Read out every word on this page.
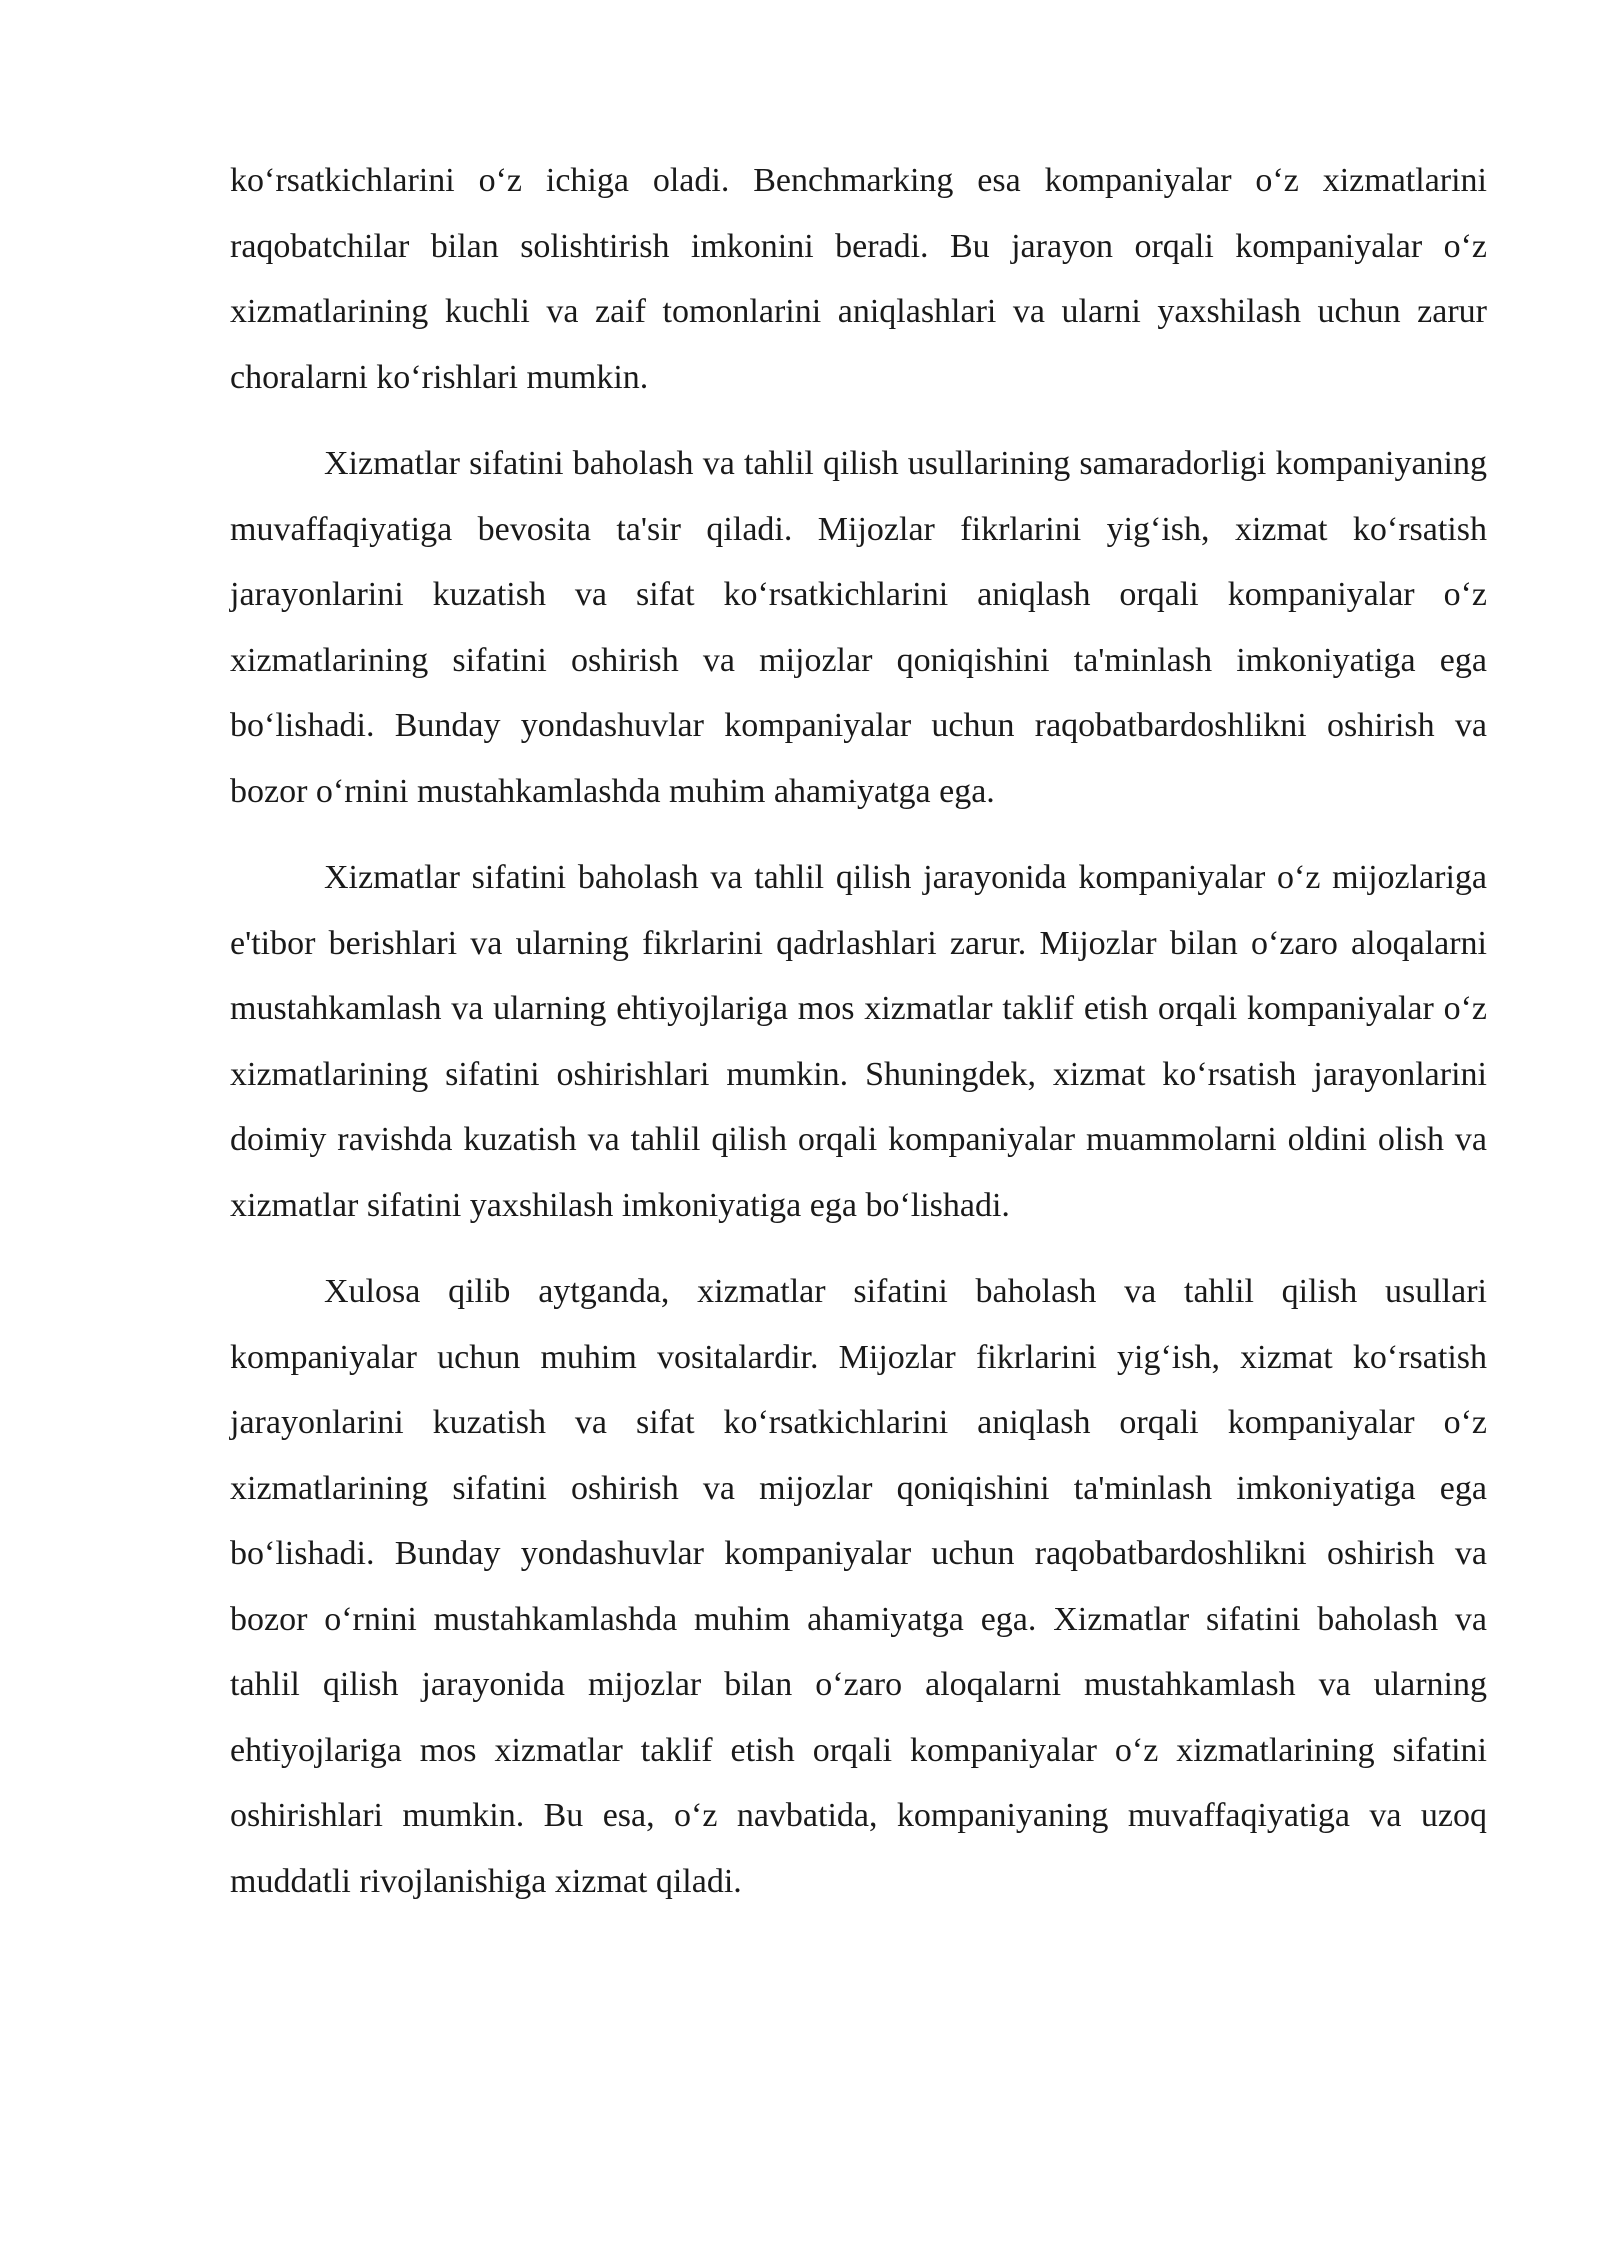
ko‘rsatkichlarini o‘z ichiga oladi. Benchmarking esa kompaniyalar o‘z xizmatlarini raqobatchilar bilan solishtirish imkonini beradi. Bu jarayon orqali kompaniyalar o‘z xizmatlarining kuchli va zaif tomonlarini aniqlashlari va ularni yaxshilash uchun zarur choralarni ko‘rishlari mumkin.

Xizmatlar sifatini baholash va tahlil qilish usullarining samaradorligi kompaniyaning muvaffaqiyatiga bevosita ta'sir qiladi. Mijozlar fikrlarini yig‘ish, xizmat ko‘rsatish jarayonlarini kuzatish va sifat ko‘rsatkichlarini aniqlash orqali kompaniyalar o‘z xizmatlarining sifatini oshirish va mijozlar qoniqishini ta'minlash imkoniyatiga ega bo‘lishadi. Bunday yondashuvlar kompaniyalar uchun raqobatbardoshlikni oshirish va bozor o‘rnini mustahkamlashda muhim ahamiyatga ega.

Xizmatlar sifatini baholash va tahlil qilish jarayonida kompaniyalar o‘z mijozlariga e'tibor berishlari va ularning fikrlarini qadrlashlari zarur. Mijozlar bilan o‘zaro aloqalarni mustahkamlash va ularning ehtiyojlariga mos xizmatlar taklif etish orqali kompaniyalar o‘z xizmatlarining sifatini oshirishlari mumkin. Shuningdek, xizmat ko‘rsatish jarayonlarini doimiy ravishda kuzatish va tahlil qilish orqali kompaniyalar muammolarni oldini olish va xizmatlar sifatini yaxshilash imkoniyatiga ega bo‘lishadi.

Xulosa qilib aytganda, xizmatlar sifatini baholash va tahlil qilish usullari kompaniyalar uchun muhim vositalardir. Mijozlar fikrlarini yig‘ish, xizmat ko‘rsatish jarayonlarini kuzatish va sifat ko‘rsatkichlarini aniqlash orqali kompaniyalar o‘z xizmatlarining sifatini oshirish va mijozlar qoniqishini ta'minlash imkoniyatiga ega bo‘lishadi. Bunday yondashuvlar kompaniyalar uchun raqobatbardoshlikni oshirish va bozor o‘rnini mustahkamlashda muhim ahamiyatga ega. Xizmatlar sifatini baholash va tahlil qilish jarayonida mijozlar bilan o‘zaro aloqalarni mustahkamlash va ularning ehtiyojlariga mos xizmatlar taklif etish orqali kompaniyalar o‘z xizmatlarining sifatini oshirishlari mumkin. Bu esa, o‘z navbatida, kompaniyaning muvaffaqiyatiga va uzoq muddatli rivojlanishiga xizmat qiladi.
